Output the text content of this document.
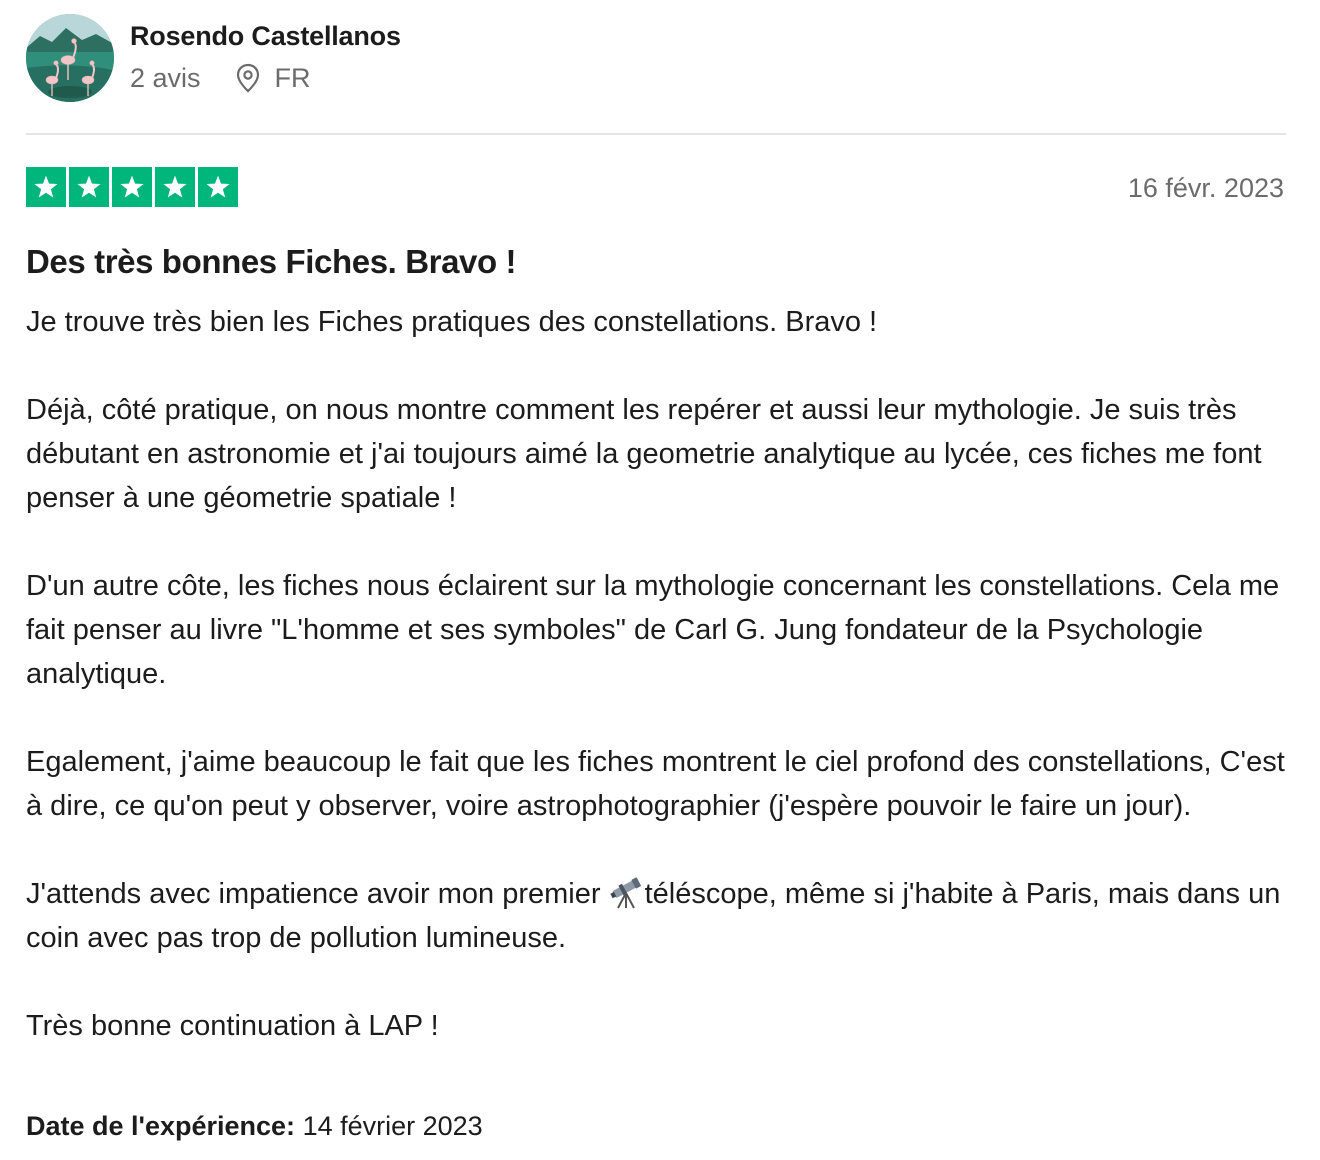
Rosendo Castellanos
2 avis	FR
16 févr. 2023
Des très bonnes Fiches. Bravo !

Je trouve très bien les Fiches pratiques des constellations. Bravo !

Déjà, côté pratique, on nous montre comment les repérer et aussi leur mythologie. Je suis très débutant en astronomie et j'ai toujours aimé la geometrie analytique au lycée, ces fiches me font penser à une géometrie spatiale !

D'un autre côte, les fiches nous éclairent sur la mythologie concernant les constellations. Cela me fait penser au livre "L'homme et ses symboles" de Carl G. Jung fondateur de la Psychologie analytique.

Egalement, j'aime beaucoup le fait que les fiches montrent le ciel profond des constellations, C'est à dire, ce qu'on peut y observer, voire astrophotographier (j'espère pouvoir le faire un jour).

J'attends avec impatience avoir mon premier téléscope, même si j'habite à Paris, mais dans un coin avec pas trop de pollution lumineuse.

Très bonne continuation à LAP !

Date de l'expérience: 14 février 2023
